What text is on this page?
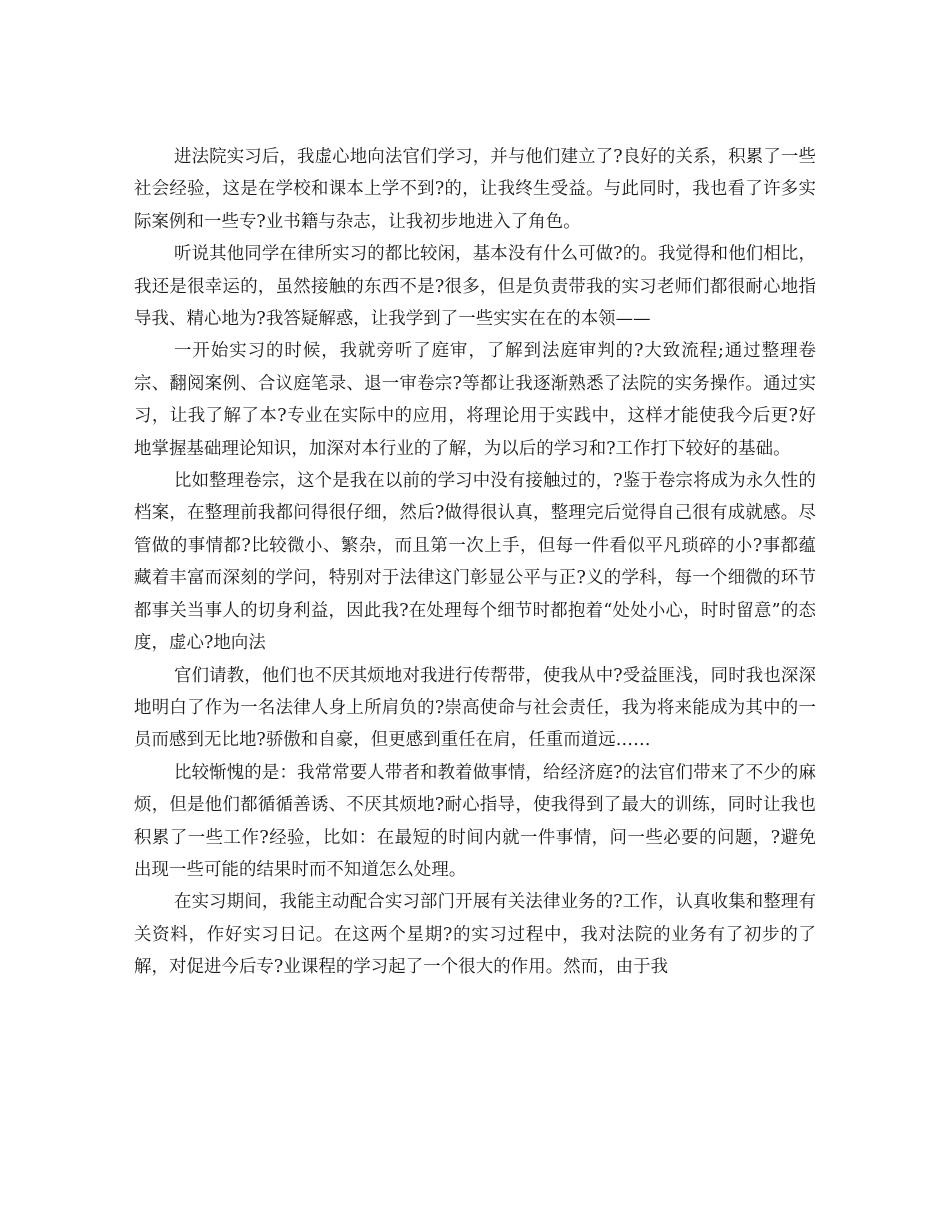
进法院实习后，我虚心地向法官们学习，并与他们建立了?良好的关系，积累了一些社会经验，这是在学校和课本上学不到?的，让我终生受益。与此同时，我也看了许多实际案例和一些专?业书籍与杂志，让我初步地进入了角色。

听说其他同学在律所实习的都比较闲，基本没有什么可做?的。我觉得和他们相比，我还是很幸运的，虽然接触的东西不是?很多，但是负责带我的实习老师们都很耐心地指导我、精心地为?我答疑解惑，让我学到了一些实实在在的本领——

一开始实习的时候，我就旁听了庭审，了解到法庭审判的?大致流程;通过整理卷宗、翻阅案例、合议庭笔录、退一审卷宗?等都让我逐渐熟悉了法院的实务操作。通过实习，让我了解了本?专业在实际中的应用，将理论用于实践中，这样才能使我今后更?好地掌握基础理论知识，加深对本行业的了解，为以后的学习和?工作打下较好的基础。

比如整理卷宗，这个是我在以前的学习中没有接触过的，?鉴于卷宗将成为永久性的档案，在整理前我都问得很仔细，然后?做得很认真，整理完后觉得自己很有成就感。尽管做的事情都?比较微小、繁杂，而且第一次上手，但每一件看似平凡琐碎的小?事都蕴藏着丰富而深刻的学问，特别对于法律这门彰显公平与正?义的学科，每一个细微的环节都事关当事人的切身利益，因此我?在处理每个细节时都抱着“处处小心，时时留意”的态度，虚心?地向法

官们请教，他们也不厌其烦地对我进行传帮带，使我从中?受益匪浅，同时我也深深地明白了作为一名法律人身上所肩负的?崇高使命与社会责任，我为将来能成为其中的一员而感到无比地?骄傲和自豪，但更感到重任在肩，任重而道远……

比较惭愧的是：我常常要人带者和教着做事情，给经济庭?的法官们带来了不少的麻烦，但是他们都循循善诱、不厌其烦地?耐心指导，使我得到了最大的训练，同时让我也积累了一些工作?经验，比如：在最短的时间内就一件事情，问一些必要的问题，?避免出现一些可能的结果时而不知道怎么处理。

在实习期间，我能主动配合实习部门开展有关法律业务的?工作，认真收集和整理有关资料，作好实习日记。在这两个星期?的实习过程中，我对法院的业务有了初步的了解，对促进今后专?业课程的学习起了一个很大的作用。然而，由于我
